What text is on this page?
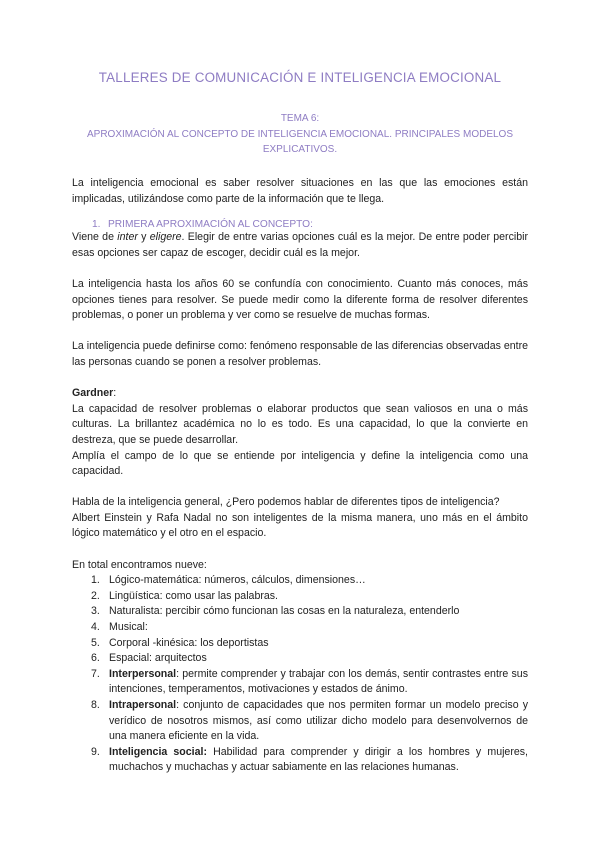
TALLERES DE COMUNICACIÓN E INTELIGENCIA EMOCIONAL
TEMA 6:
APROXIMACIÓN AL CONCEPTO DE INTELIGENCIA EMOCIONAL. PRINCIPALES MODELOS
EXPLICATIVOS.

La inteligencia emocional es saber resolver situaciones en las que las emociones están implicadas, utilizándose como parte de la información que te llega.

1. PRIMERA APROXIMACIÓN AL CONCEPTO:

Viene de inter y eligere. Elegir de entre varias opciones cuál es la mejor. De entre poder percibir esas opciones ser capaz de escoger, decidir cuál es la mejor.

La inteligencia hasta los años 60 se confundía con conocimiento. Cuanto más conoces, más opciones tienes para resolver. Se puede medir como la diferente forma de resolver diferentes problemas, o poner un problema y ver como se resuelve de muchas formas.

La inteligencia puede definirse como: fenómeno responsable de las diferencias observadas entre las personas cuando se ponen a resolver problemas.

Gardner:

La capacidad de resolver problemas o elaborar productos que sean valiosos en una o más culturas. La brillantez académica no lo es todo. Es una capacidad, lo que la convierte en destreza, que se puede desarrollar.

Amplía el campo de lo que se entiende por inteligencia y define la inteligencia como una capacidad.

Habla de la inteligencia general, ¿Pero podemos hablar de diferentes tipos de inteligencia?

Albert Einstein y Rafa Nadal no son inteligentes de la misma manera, uno más en el ámbito lógico matemático y el otro en el espacio.

En total encontramos nueve:

1. Lógico-matemática: números, cálculos, dimensiones…
2. Lingüística: como usar las palabras.
3. Naturalista: percibir cómo funcionan las cosas en la naturaleza, entenderlo
4. Musical:
5. Corporal -kinésica: los deportistas
6. Espacial: arquitectos
7. Interpersonal: permite comprender y trabajar con los demás, sentir contrastes entre sus intenciones, temperamentos, motivaciones y estados de ánimo.
8. Intrapersonal: conjunto de capacidades que nos permiten formar un modelo preciso y verídico de nosotros mismos, así como utilizar dicho modelo para desenvolvernos de una manera eficiente en la vida.
9. Inteligencia social: Habilidad para comprender y dirigir a los hombres y mujeres, muchachos y muchachas y actuar sabiamente en las relaciones humanas.
